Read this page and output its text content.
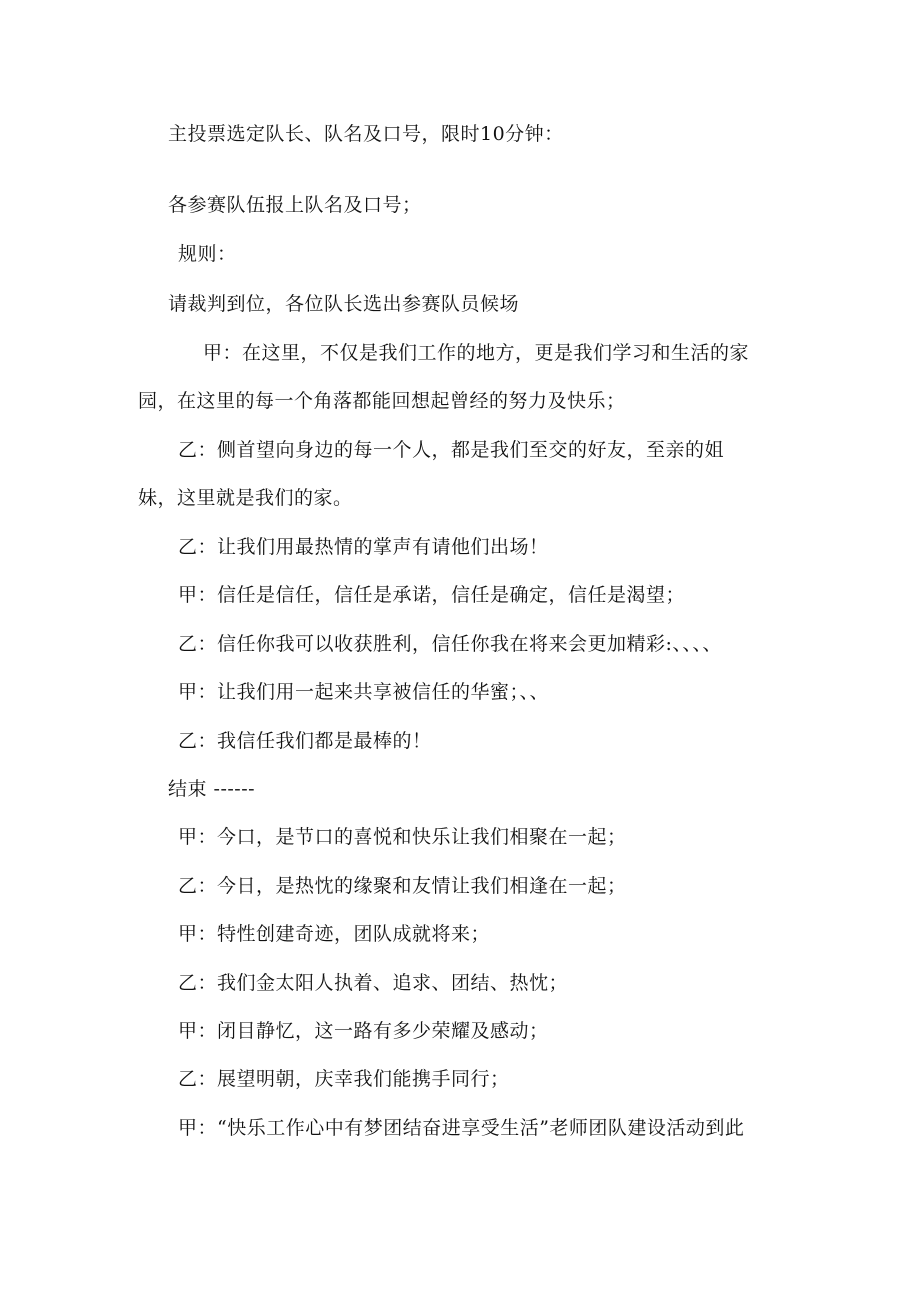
主投票选定队长、队名及口号，限时10分钟：
各参赛队伍报上队名及口号；
规则：
请裁判到位，各位队长选出参赛队员候场
甲：在这里，不仅是我们工作的地方，更是我们学习和生活的家
园，在这里的每一个角落都能回想起曾经的努力及快乐；
乙：侧首望向身边的每一个人，都是我们至交的好友，至亲的姐
妹，这里就是我们的家。
乙：让我们用最热情的掌声有请他们出场！
甲：信任是信任，信任是承诺，信任是确定，信任是渴望；
乙：信任你我可以收获胜利，信任你我在将来会更加精彩:、、、、
甲：让我们用一起来共享被信任的华蜜；、、
乙：我信任我们都是最棒的！
结束 ------
甲：今口，是节口的喜悦和快乐让我们相聚在一起；
乙：今日，是热忱的缘聚和友情让我们相逢在一起；
甲：特性创建奇迹，团队成就将来；
乙：我们金太阳人执着、追求、团结、热忱；
甲：闭目静忆，这一路有多少荣耀及感动；
乙：展望明朝，庆幸我们能携手同行；
甲：“快乐工作心中有梦团结奋进享受生活”老师团队建设活动到此
